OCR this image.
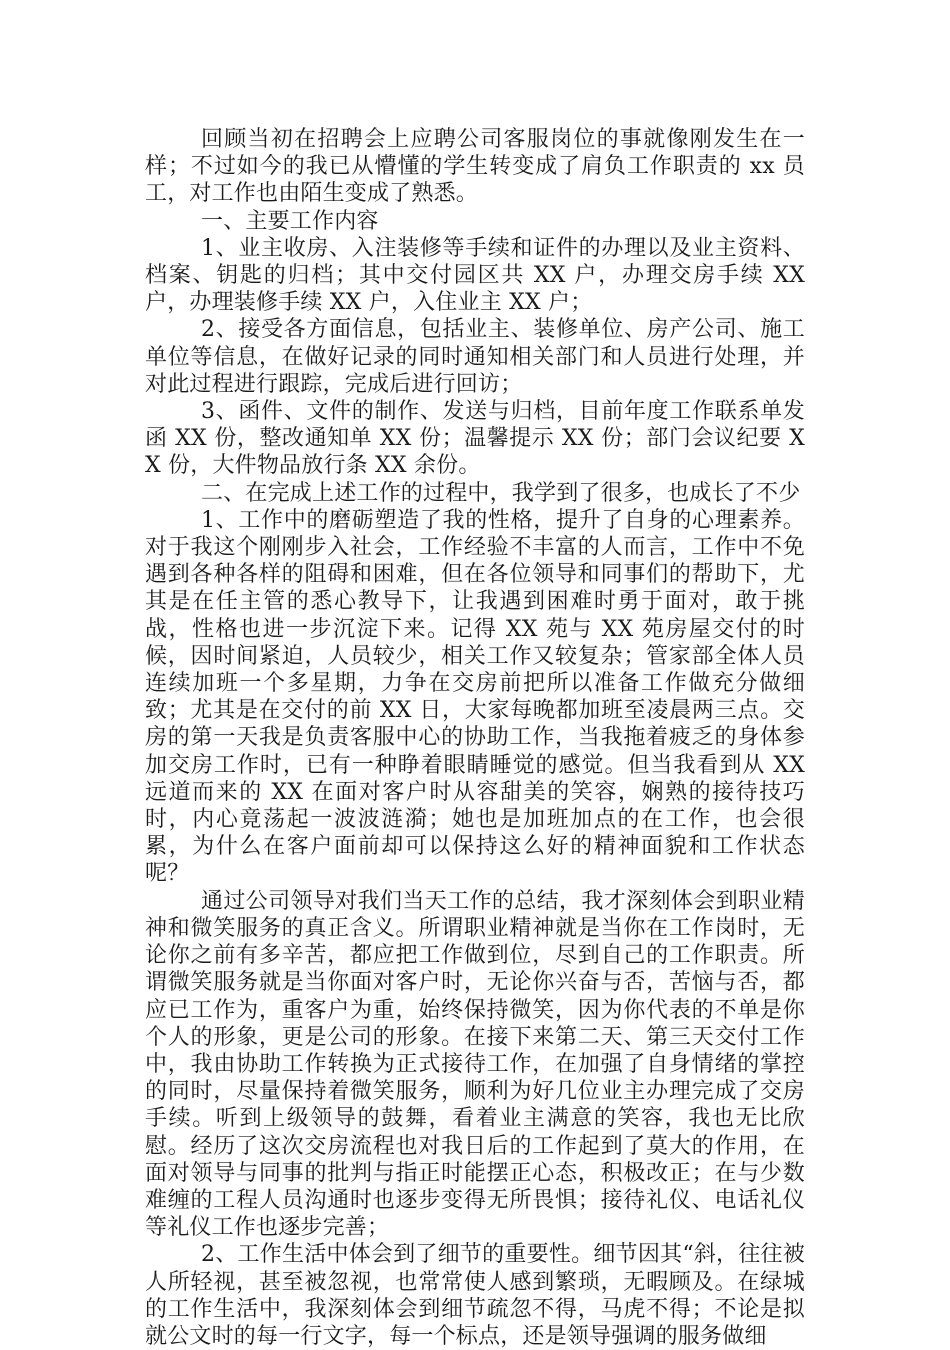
回顾当初在招聘会上应聘公司客服岗位的事就像刚发生在一样；不过如今的我已从懵懂的学生转变成了肩负工作职责的 xx 员工，对工作也由陌生变成了熟悉。

一、主要工作内容

1、业主收房、入注装修等手续和证件的办理以及业主资料、档案、钥匙的归档；其中交付园区共 XX 户，办理交房手续 XX 户，办理装修手续 XX 户，入住业主 XX 户；

2、接受各方面信息，包括业主、装修单位、房产公司、施工单位等信息，在做好记录的同时通知相关部门和人员进行处理，并对此过程进行跟踪，完成后进行回访；

3、函件、文件的制作、发送与归档，目前年度工作联系单发函 XX 份，整改通知单 XX 份；温馨提示 XX 份；部门会议纪要 XX 份，大件物品放行条 XX 余份。

二、在完成上述工作的过程中，我学到了很多，也成长了不少

1、工作中的磨砺塑造了我的性格，提升了自身的心理素养。对于我这个刚刚步入社会，工作经验不丰富的人而言，工作中不免遇到各种各样的阻碍和困难，但在各位领导和同事们的帮助下，尤其是在任主管的悉心教导下，让我遇到困难时勇于面对，敢于挑战，性格也进一步沉淀下来。记得 XX 苑与 XX 苑房屋交付的时候，因时间紧迫，人员较少，相关工作又较复杂；管家部全体人员连续加班一个多星期，力争在交房前把所以准备工作做充分做细致；尤其是在交付的前 XX 日，大家每晚都加班至凌晨两三点。交房的第一天我是负责客服中心的协助工作，当我拖着疲乏的身体参加交房工作时，已有一种睁着眼睛睡觉的感觉。但当我看到从 XX 远道而来的 XX 在面对客户时从容甜美的笑容，娴熟的接待技巧时，内心竟荡起一波波涟漪；她也是加班加点的在工作，也会很累，为什么在客户面前却可以保持这么好的精神面貌和工作状态呢？

通过公司领导对我们当天工作的总结，我才深刻体会到职业精神和微笑服务的真正含义。所谓职业精神就是当你在工作岗时，无论你之前有多辛苦，都应把工作做到位，尽到自己的工作职责。所谓微笑服务就是当你面对客户时，无论你兴奋与否，苦恼与否，都应已工作为，重客户为重，始终保持微笑，因为你代表的不单是你个人的形象，更是公司的形象。在接下来第二天、第三天交付工作中，我由协助工作转换为正式接待工作，在加强了自身情绪的掌控的同时，尽量保持着微笑服务，顺利为好几位业主办理完成了交房手续。听到上级领导的鼓舞，看着业主满意的笑容，我也无比欣慰。经历了这次交房流程也对我日后的工作起到了莫大的作用，在面对领导与同事的批判与指正时能摆正心态，积极改正；在与少数难缠的工程人员沟通时也逐步变得无所畏惧；接待礼仪、电话礼仪等礼仪工作也逐步完善；

2、工作生活中体会到了细节的重要性。细节因其“斜，往往被人所轻视，甚至被忽视，也常常使人感到繁琐，无暇顾及。在绿城的工作生活中，我深刻体会到细节疏忽不得，马虎不得；不论是拟就公文时的每一行文字，每一个标点，还是领导强调的服务做细
